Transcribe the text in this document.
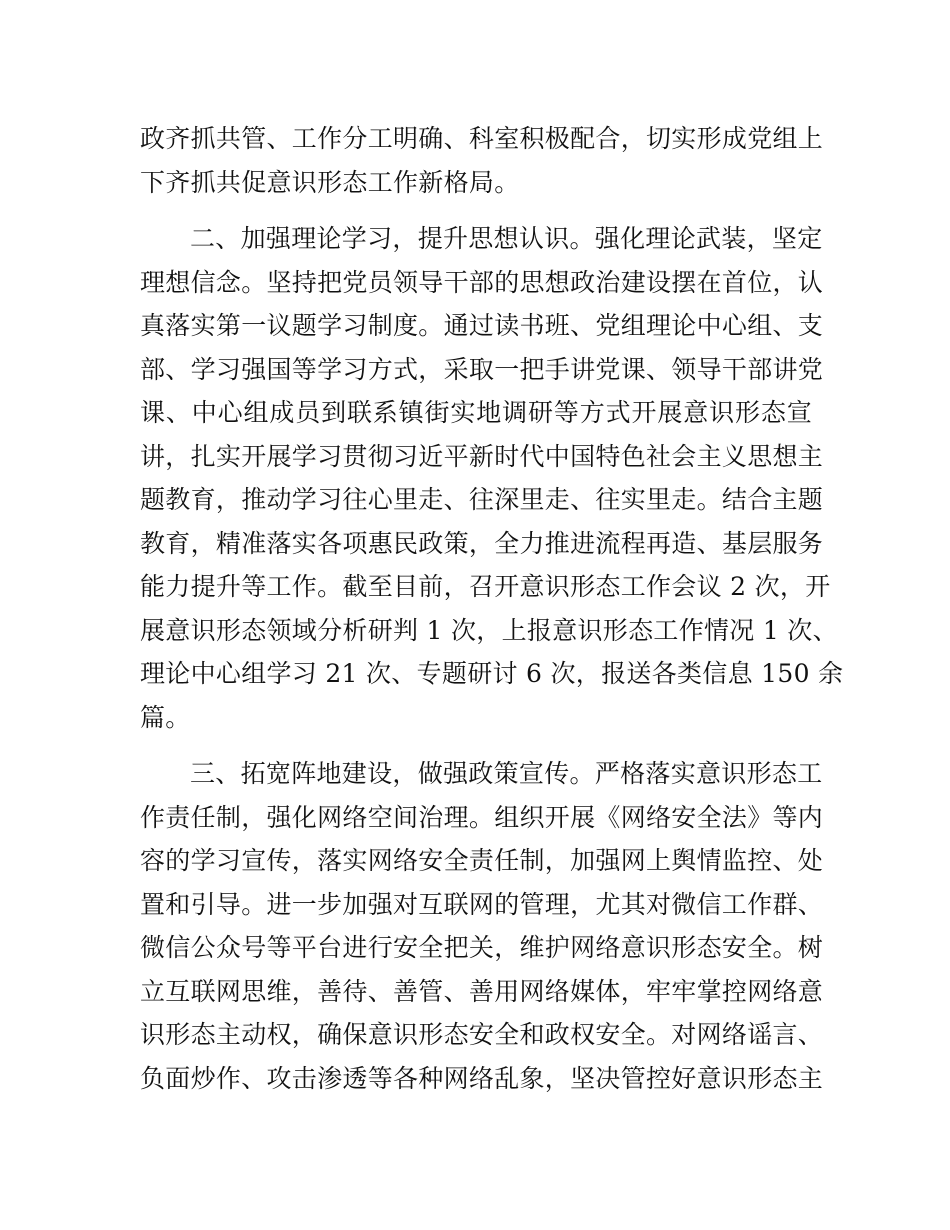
政齐抓共管、工作分工明确、科室积极配合，切实形成党组上
下齐抓共促意识形态工作新格局。

二、加强理论学习，提升思想认识。强化理论武装，坚定
理想信念。坚持把党员领导干部的思想政治建设摆在首位，认
真落实第一议题学习制度。通过读书班、党组理论中心组、支
部、学习强国等学习方式，采取一把手讲党课、领导干部讲党
课、中心组成员到联系镇街实地调研等方式开展意识形态宣
讲，扎实开展学习贯彻习近平新时代中国特色社会主义思想主
题教育，推动学习往心里走、往深里走、往实里走。结合主题
教育，精准落实各项惠民政策，全力推进流程再造、基层服务
能力提升等工作。截至目前，召开意识形态工作会议 2 次，开
展意识形态领域分析研判 1 次，上报意识形态工作情况 1 次、
理论中心组学习 21 次、专题研讨 6 次，报送各类信息 150 余
篇。

三、拓宽阵地建设，做强政策宣传。严格落实意识形态工
作责任制，强化网络空间治理。组织开展《网络安全法》等内
容的学习宣传，落实网络安全责任制，加强网上舆情监控、处
置和引导。进一步加强对互联网的管理，尤其对微信工作群、
微信公众号等平台进行安全把关，维护网络意识形态安全。树
立互联网思维，善待、善管、善用网络媒体，牢牢掌控网络意
识形态主动权，确保意识形态安全和政权安全。对网络谣言、
负面炒作、攻击渗透等各种网络乱象，坚决管控好意识形态主
